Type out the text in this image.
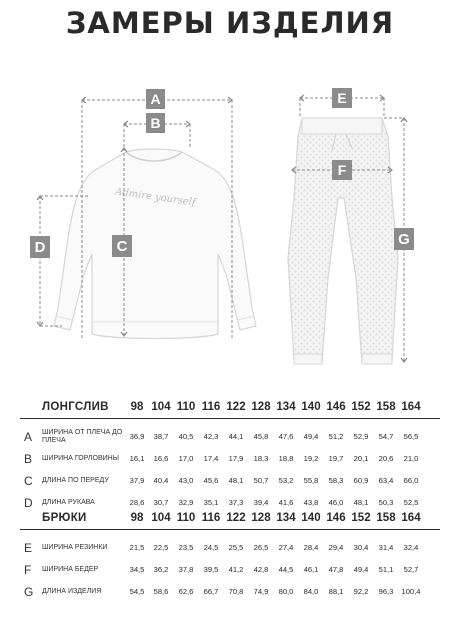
ЗАМЕРЫ ИЗДЕЛИЯ
Admire yourself
A
B
C
D
E
F
G
ЛОНГСЛИВ	98 104 110 116 122 128 134 140 146 152 158 164
A ШИРИНА ОТ ПЛЕЧА ДО ПЛЕЧА	36,9	38,7	40,5	42,3	44,1	45,8	47,6	49,4	51,2	52,9	54,7	56,5
B ШИРИНА ГОРЛОВИНЫ	16,1	16,6	17,0	17,4	17,9	18,3	18,8	19,2	19,7	20,1	20,6	21,0
C ДЛИНА ПО ПЕРЕДУ	37,9	40,4	43,0	45,6	48,1	50,7	53,2	55,8	58,3	60,9	63,4	66,0
D ДЛИНА РУКАВА	28,6	30,7	32,9	35,1	37,3	39,4	41,6	43,8	46,0	48,1	50,3	52,5
БРЮКИ	98 104 110 116 122 128 134 140 146 152 158 164
E ШИРИНА РЕЗИНКИ	21,5	22,5	23,5	24,5	25,5	26,5	27,4	28,4	29,4	30,4	31,4	32,4
F ШИРИНА БЕДЕР	34,5	36,2	37,8	39,5	41,2	42,8	44,5	46,1	47,8	49,4	51,1	52,7
G ДЛИНА ИЗДЕЛИЯ	54,5	58,6	62,6	66,7	70,8	74,9	80,0	84,0	88,1	92,2	96,3	100,4
